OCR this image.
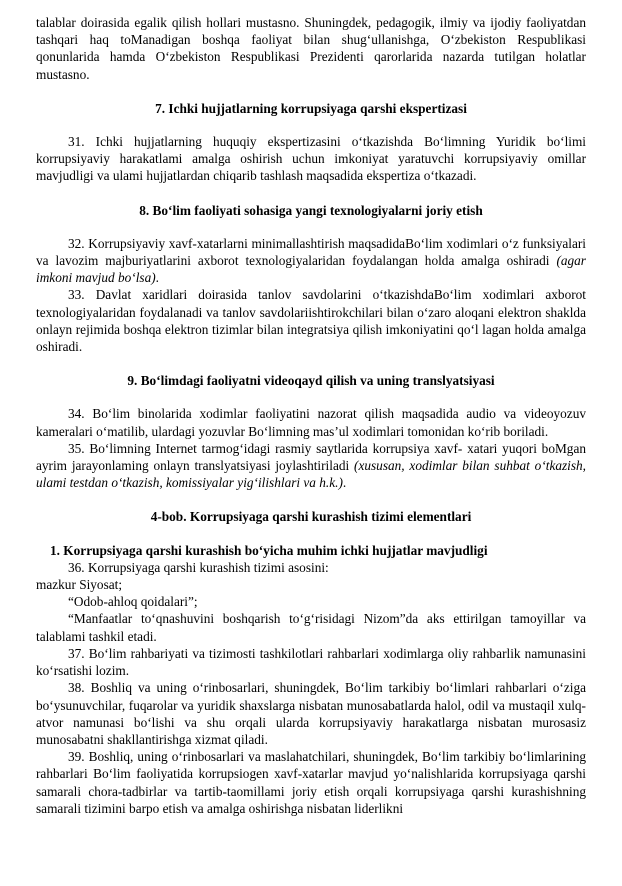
talablar doirasida egalik qilish hollari mustasno. Shuningdek, pedagogik, ilmiy va ijodiy faoliyatdan tashqari haq toManadigan boshqa faoliyat bilan shug‘ullanishga, O‘zbekiston Respublikasi qonunlarida hamda O‘zbekiston Respublikasi Prezidenti qarorlarida nazarda tutilgan holatlar mustasno.

7. Ichki hujjatlarning korrupsiyaga qarshi ekspertizasi

31. Ichki hujjatlarning huquqiy ekspertizasini o‘tkazishda Bo‘limning Yuridik bo‘limi korrupsiyaviy harakatlami amalga oshirish uchun imkoniyat yaratuvchi korrupsiyaviy omillar mavjudligi va ulami hujjatlardan chiqarib tashlash maqsadida ekspertiza o‘tkazadi.

8. Bo‘lim faoliyati sohasiga yangi texnologiyalarni joriy etish

32. Korrupsiyaviy xavf-xatarlarni minimallashtirish maqsadidaBo‘lim xodimlari o‘z funksiyalari va lavozim majburiyatlarini axborot texnologiyalaridan foydalangan holda amalga oshiradi (agar imkoni mavjud bo‘lsa).

33. Davlat xaridlari doirasida tanlov savdolarini o‘tkazishdaBo‘lim xodimlari axborot texnologiyalaridan foydalanadi va tanlov savdolariishtirokchilari bilan o‘zaro aloqani elektron shaklda onlayn rejimida boshqa elektron tizimlar bilan integratsiya qilish imkoniyatini qo‘l lagan holda amalga oshiradi.

9. Bo‘limdagi faoliyatni videoqayd qilish va uning translyatsiyasi

34. Bo‘lim binolarida xodimlar faoliyatini nazorat qilish maqsadida audio va videoyozuv kameralari o‘matilib, ulardagi yozuvlar Bo‘limning mas’ul xodimlari tomonidan ko‘rib boriladi.

35. Bo‘limning Internet tarmog‘idagi rasmiy saytlarida korrupsiya xavf- xatari yuqori boMgan ayrim jarayonlaming onlayn translyatsiyasi joylashtiriladi (xususan, xodimlar bilan suhbat o‘tkazish, ulami testdan o‘tkazish, komissiyalar yig‘ilishlari va h.k.).

4-bob. Korrupsiyaga qarshi kurashish tizimi elementlari

1. Korrupsiyaga qarshi kurashish bo‘yicha muhim ichki hujjatlar mavjudligi

36. Korrupsiyaga qarshi kurashish tizimi asosini:

mazkur Siyosat;

“Odob-ahloq qoidalari”;

“Manfaatlar to‘qnashuvini boshqarish to‘g‘risidagi Nizom”da aks ettirilgan tamoyillar va talablami tashkil etadi.

37. Bo‘lim rahbariyati va tizimosti tashkilotlari rahbarlari xodimlarga oliy rahbarlik namunasini ko‘rsatishi lozim.

38. Boshliq va uning o‘rinbosarlari, shuningdek, Bo‘lim tarkibiy bo‘limlari rahbarlari o‘ziga bo‘ysunuvchilar, fuqarolar va yuridik shaxslarga nisbatan munosabatlarda halol, odil va mustaqil xulq-atvor namunasi bo‘lishi va shu orqali ularda korrupsiyaviy harakatlarga nisbatan murosasiz munosabatni shakllantirishga xizmat qiladi.

39. Boshliq, uning o‘rinbosarlari va maslahatchilari, shuningdek, Bo‘lim tarkibiy bo‘limlarining rahbarlari Bo‘lim faoliyatida korrupsiogen xavf-xatarlar mavjud yo‘nalishlarida korrupsiyaga qarshi samarali chora-tadbirlar va tartib-taomillami joriy etish orqali korrupsiyaga qarshi kurashishning samarali tizimini barpo etish va amalga oshirishga nisbatan liderlikni
